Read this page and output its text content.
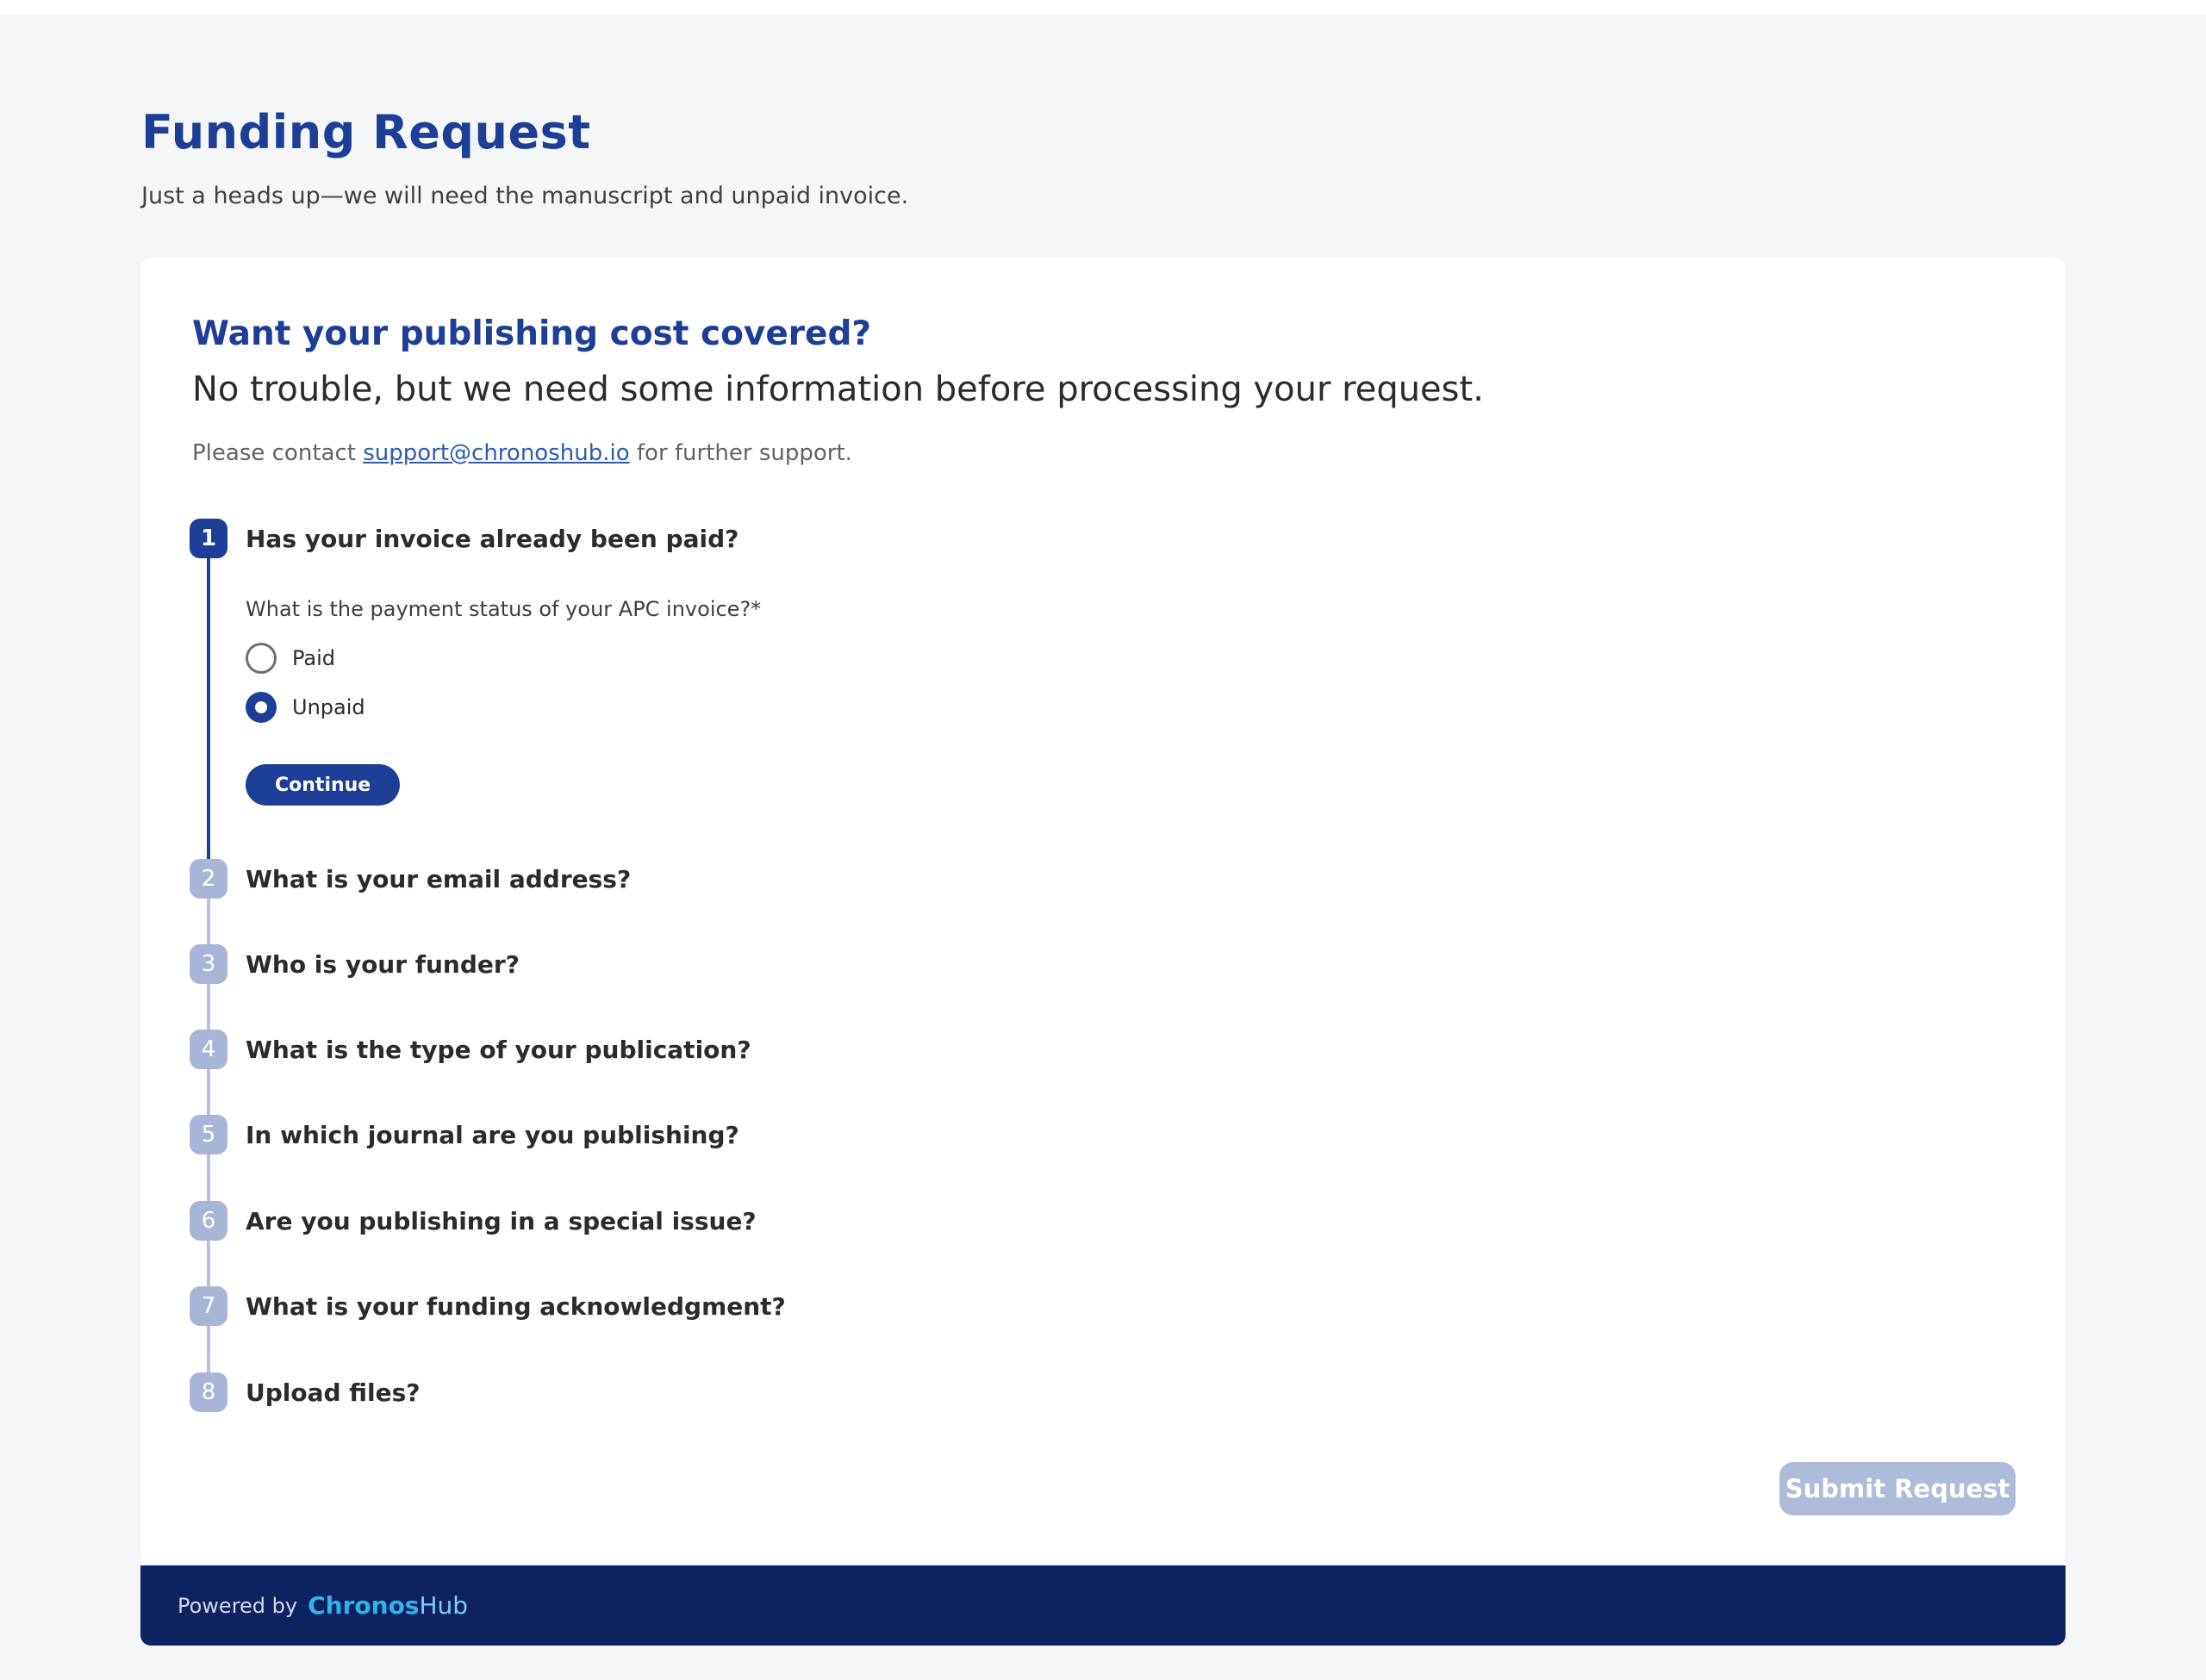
Funding Request
Just a heads up—we will need the manuscript and unpaid invoice.
Want your publishing cost covered?
No trouble, but we need some information before processing your request.
Please contact support@chronoshub.io for further support.
1 Has your invoice already been paid?
What is the payment status of your APC invoice?*
Paid
Unpaid
Continue
2 What is your email address?
3 Who is your funder?
4 What is the type of your publication?
5 In which journal are you publishing?
6 Are you publishing in a special issue?
7 What is your funding acknowledgment?
8 Upload files?
Submit Request
Powered by ChronosHub
